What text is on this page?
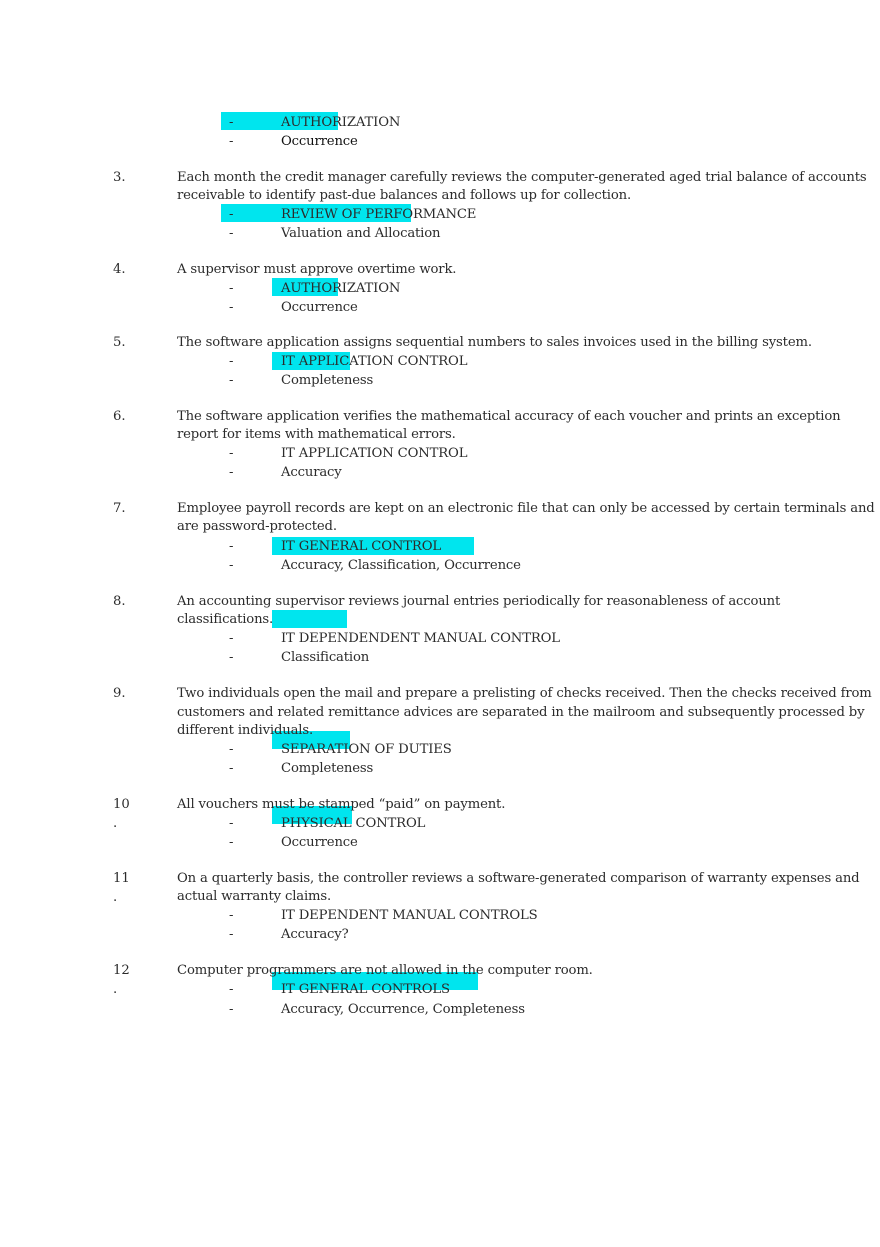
-	AUTHORIZATION
-	Occurrence
3.	Each month the credit manager carefully reviews the computer-generated aged trial balance of accounts
receivable to identify past-due balances and follows up for collection.
-	REVIEW OF PERFORMANCE
-	Valuation and Allocation
4.	A supervisor must approve overtime work.
-	AUTHORIZATION
-	Occurrence
5.	The software application assigns sequential numbers to sales invoices used in the billing system.
-	IT APPLICATION CONTROL
-	Completeness
6.	The software application verifies the mathematical accuracy of each voucher and prints an exception
report for items with mathematical errors.
-	IT APPLICATION CONTROL
-	Accuracy
7.	Employee payroll records are kept on an electronic file that can only be accessed by certain terminals and
are password-protected.
-	IT GENERAL CONTROL
-	Accuracy, Classification, Occurrence
8.	An accounting supervisor reviews journal entries periodically for reasonableness of account
classifications.
-	IT DEPENDENDENT MANUAL CONTROL
-	Classification
9.	Two individuals open the mail and prepare a prelisting of checks received. Then the checks received from
customers and related remittance advices are separated in the mailroom and subsequently processed by
different individuals.
-	SEPARATION OF DUTIES
-	Completeness
10
.
All vouchers must be stamped “paid” on payment.
-	PHYSICAL CONTROL
-	Occurrence
11
.
On a quarterly basis, the controller reviews a software-generated comparison of warranty expenses and
actual warranty claims.
-	IT DEPENDENT MANUAL CONTROLS
-	Accuracy?
12
.
Computer programmers are not allowed in the computer room.
-	IT GENERAL CONTROLS
-	Accuracy, Occurrence, Completeness
